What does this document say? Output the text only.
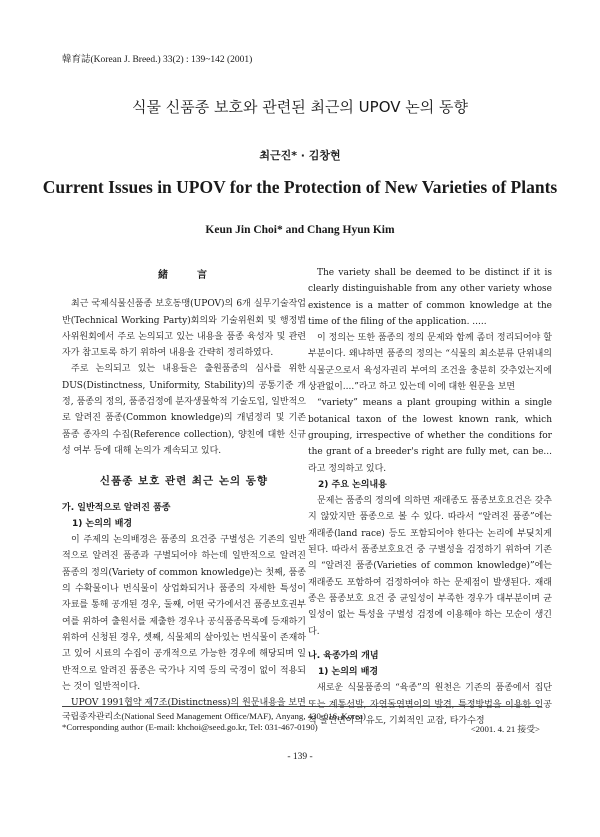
韓育誌(Korean J. Breed.) 33(2) : 139~142 (2001)
식물 신품종 보호와 관련된 최근의 UPOV 논의 동향
최근진* · 김창현
Current Issues in UPOV for the Protection of New Varieties of Plants
Keun Jin Choi* and Chang Hyun Kim
緒　　言

최근 국제식물신품종 보호동맹(UPOV)의 6개 실무기술작업반(Technical Working Party)회의와 기술위원회 및 행정법사위원회에서 주로 논의되고 있는 내용을 품종 육성자 및 관련자가 참고토록 하기 위하여 내용을 간략히 정리하였다.

주로 논의되고 있는 내용들은 출원품종의 심사를 위한 DUS(Distinctness, Uniformity, Stability)의 공통기준 개정, 품종의 정의, 품종검정에 분자생물학적 기술도입, 일반적으로 알려진 품종(Common knowledge)의 개념정리 및 기존품종 종자의 수집(Reference collection), 양친에 대한 신규성 여부 등에 대해 논의가 계속되고 있다.

신품종 보호 관련 최근 논의 동향
가. 일반적으로 알려진 품종
1) 논의의 배경

이 주제의 논의배경은 품종의 요건중 구별성은 기존의 일반적으로 알려진 품종과 구별되어야 하는데 일반적으로 알려진 품종의 정의(Variety of common knowledge)는 첫째, 품종의 수확물이나 번식물이 상업화되거나 품종의 자세한 특성이 자료를 통해 공개된 경우, 둘째, 어떤 국가에서건 품종보호권부여를 위하여 출원서를 제출한 경우나 공식품종목록에 등재하기 위하여 신청된 경우, 셋째, 식물체의 살아있는 번식물이 존재하고 있어 시료의 수집이 공개적으로 가능한 경우에 해당되며 일반적으로 알려진 품종은 국가나 지역 등의 국경이 없이 적용되는 것이 일반적이다.

UPOV 1991협약 제7조(Distinctness)의 원문내용을 보면

The variety shall be deemed to be distinct if it is clearly distinguishable from any other variety whose existence is a matter of common knowledge at the time of the filing of the application. .....

이 정의는 또한 품종의 정의 문제와 함께 좀더 정리되어야 할 부분이다. 왜냐하면 품종의 정의는 “식물의 최소분류 단위내의 식물군으로서 육성자권리 부여의 조건을 충분히 갖추었는지에 상관없이....”라고 하고 있는데 이에 대한 원문을 보면

“variety” means a plant grouping within a single botanical taxon of the lowest known rank, which grouping, irrespective of whether the conditions for the grant of a breeder's right are fully met, can be...라고 정의하고 있다.

2) 주요 논의내용

문제는 품종의 정의에 의하면 재래종도 품종보호요건은 갖추지 않았지만 품종으로 볼 수 있다. 따라서 “알려진 품종”에는 재래종(land race) 등도 포함되어야 한다는 논리에 부딪치게 된다. 따라서 품종보호요건 중 구별성을 검정하기 위하여 기존의 “알려진 품종(Varieties of common knowledge)”에는 재래종도 포함하여 검정하여야 하는 문제점이 발생된다. 재래종은 품종보호 요건 중 균일성이 부족한 경우가 대부분이며 균일성이 없는 특성을 구별성 검정에 이용해야 하는 모순이 생긴다.

나. 육종가의 개념
1) 논의의 배경

새로운 식물품종의 “육종”의 원천은 기존의 품종에서 집단 또는 계통선발, 자연돌연변이의 발견, 특정방법을 이용한 인공적 돌연변이의 유도, 기회적인 교잡, 타가수정

국립종자관리소(National Seed Management Office/MAF), Anyang, 430-016, Korea)
*Corresponding author (E-mail: khchoi@seed.go.kr, Tel: 031-467-0190)	<2001. 4. 21 接受>
- 139 -
